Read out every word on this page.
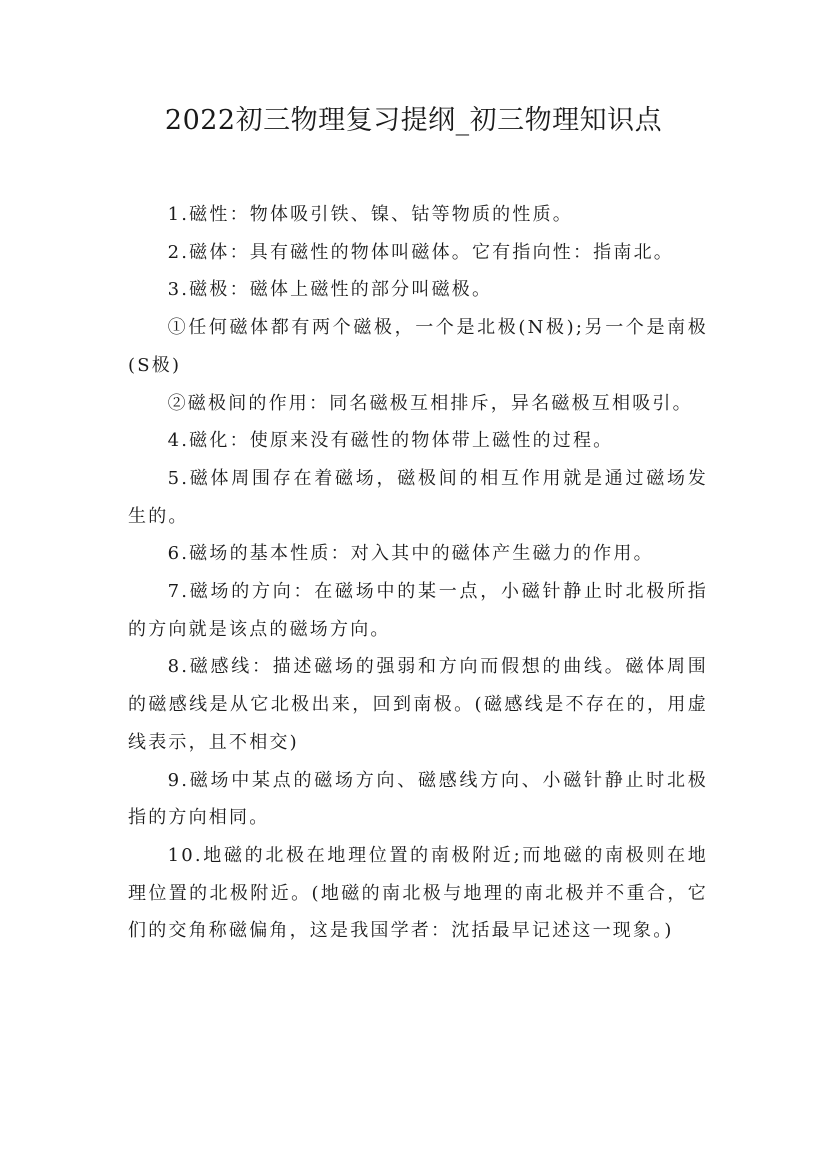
2022初三物理复习提纲_初三物理知识点

1.磁性：物体吸引铁、镍、钴等物质的性质。

2.磁体：具有磁性的物体叫磁体。它有指向性：指南北。

3.磁极：磁体上磁性的部分叫磁极。

①任何磁体都有两个磁极，一个是北极(N极);另一个是南极(S极)

②磁极间的作用：同名磁极互相排斥，异名磁极互相吸引。

4.磁化：使原来没有磁性的物体带上磁性的过程。

5.磁体周围存在着磁场，磁极间的相互作用就是通过磁场发生的。

6.磁场的基本性质：对入其中的磁体产生磁力的作用。

7.磁场的方向：在磁场中的某一点，小磁针静止时北极所指的方向就是该点的磁场方向。

8.磁感线：描述磁场的强弱和方向而假想的曲线。磁体周围的磁感线是从它北极出来，回到南极。(磁感线是不存在的，用虚线表示，且不相交)

9.磁场中某点的磁场方向、磁感线方向、小磁针静止时北极指的方向相同。

10.地磁的北极在地理位置的南极附近;而地磁的南极则在地理位置的北极附近。(地磁的南北极与地理的南北极并不重合，它们的交角称磁偏角，这是我国学者：沈括最早记述这一现象。)
